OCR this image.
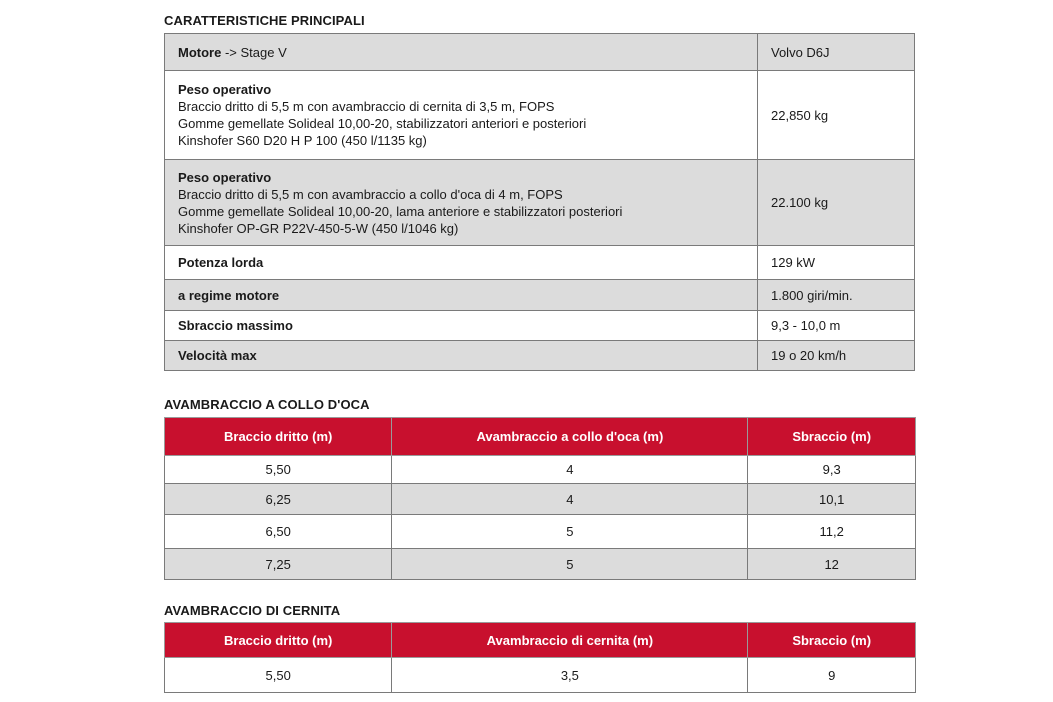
CARATTERISTICHE PRINCIPALI
Motore -> Stage V	Volvo D6J

Peso operativo
Braccio dritto di 5,5 m con avambraccio di cernita di 3,5 m, FOPS
Gomme gemellate Solideal 10,00-20, stabilizzatori anteriori e posteriori
Kinshofer S60 D20 H P 100 (450 l/1135 kg)	22,850 kg

Peso operativo
Braccio dritto di 5,5 m con avambraccio a collo d'oca di 4 m, FOPS
Gomme gemellate Solideal 10,00-20, lama anteriore e stabilizzatori posteriori
Kinshofer OP-GR P22V-450-5-W (450 l/1046 kg)	22.100 kg
Potenza lorda	129 kW
a regime motore	1.800 giri/min.
Sbraccio massimo	9,3 - 10,0 m
Velocità max	19 o 20 km/h
AVAMBRACCIO A COLLO D'OCA
Braccio dritto (m)	Avambraccio a collo d'oca (m)	Sbraccio (m)
5,50	4	9,3
6,25	4	10,1
6,50	5	11,2
7,25	5	12
AVAMBRACCIO DI CERNITA
Braccio dritto (m)	Avambraccio di cernita (m)	Sbraccio (m)
5,50	3,5	9
